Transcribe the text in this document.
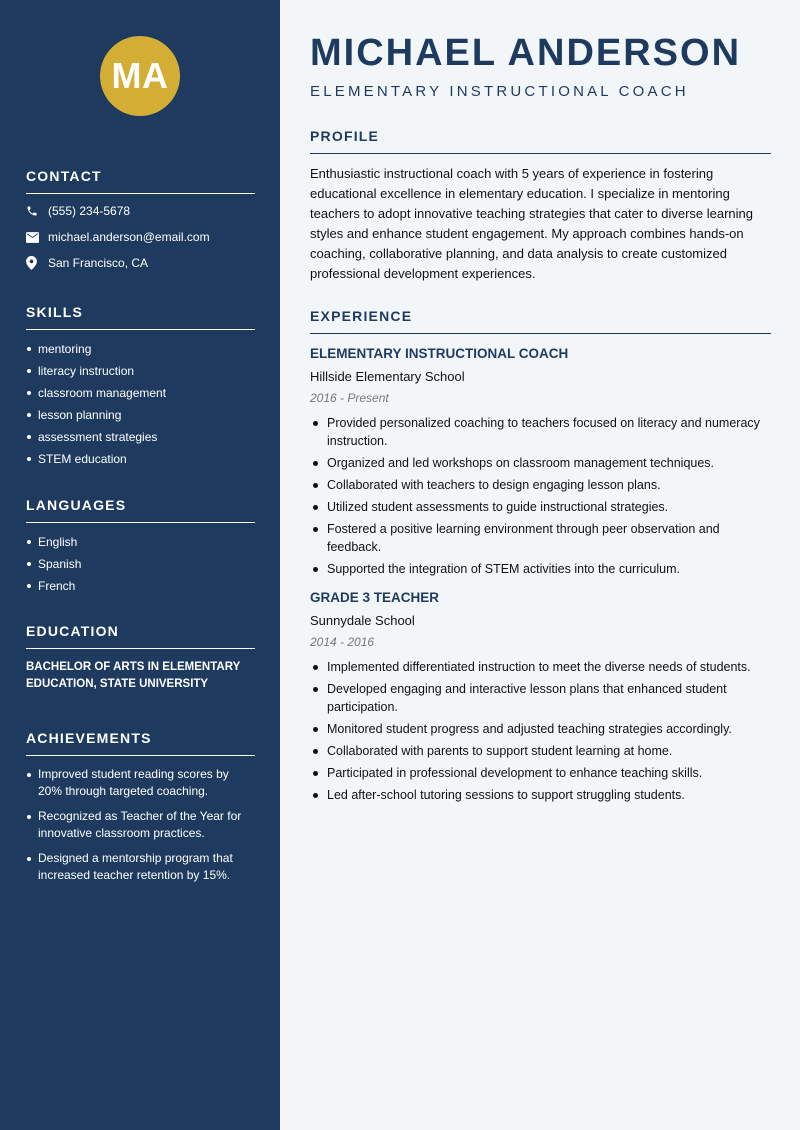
MA
CONTACT
(555) 234-5678
michael.anderson@email.com
San Francisco, CA
SKILLS
mentoring
literacy instruction
classroom management
lesson planning
assessment strategies
STEM education
LANGUAGES
English
Spanish
French
EDUCATION
BACHELOR OF ARTS IN ELEMENTARY EDUCATION, STATE UNIVERSITY
ACHIEVEMENTS
Improved student reading scores by 20% through targeted coaching.
Recognized as Teacher of the Year for innovative classroom practices.
Designed a mentorship program that increased teacher retention by 15%.
MICHAEL ANDERSON
ELEMENTARY INSTRUCTIONAL COACH
PROFILE
Enthusiastic instructional coach with 5 years of experience in fostering educational excellence in elementary education. I specialize in mentoring teachers to adopt innovative teaching strategies that cater to diverse learning styles and enhance student engagement. My approach combines hands-on coaching, collaborative planning, and data analysis to create customized professional development experiences.
EXPERIENCE
ELEMENTARY INSTRUCTIONAL COACH
Hillside Elementary School
2016 - Present
Provided personalized coaching to teachers focused on literacy and numeracy instruction.
Organized and led workshops on classroom management techniques.
Collaborated with teachers to design engaging lesson plans.
Utilized student assessments to guide instructional strategies.
Fostered a positive learning environment through peer observation and feedback.
Supported the integration of STEM activities into the curriculum.
GRADE 3 TEACHER
Sunnydale School
2014 - 2016
Implemented differentiated instruction to meet the diverse needs of students.
Developed engaging and interactive lesson plans that enhanced student participation.
Monitored student progress and adjusted teaching strategies accordingly.
Collaborated with parents to support student learning at home.
Participated in professional development to enhance teaching skills.
Led after-school tutoring sessions to support struggling students.
